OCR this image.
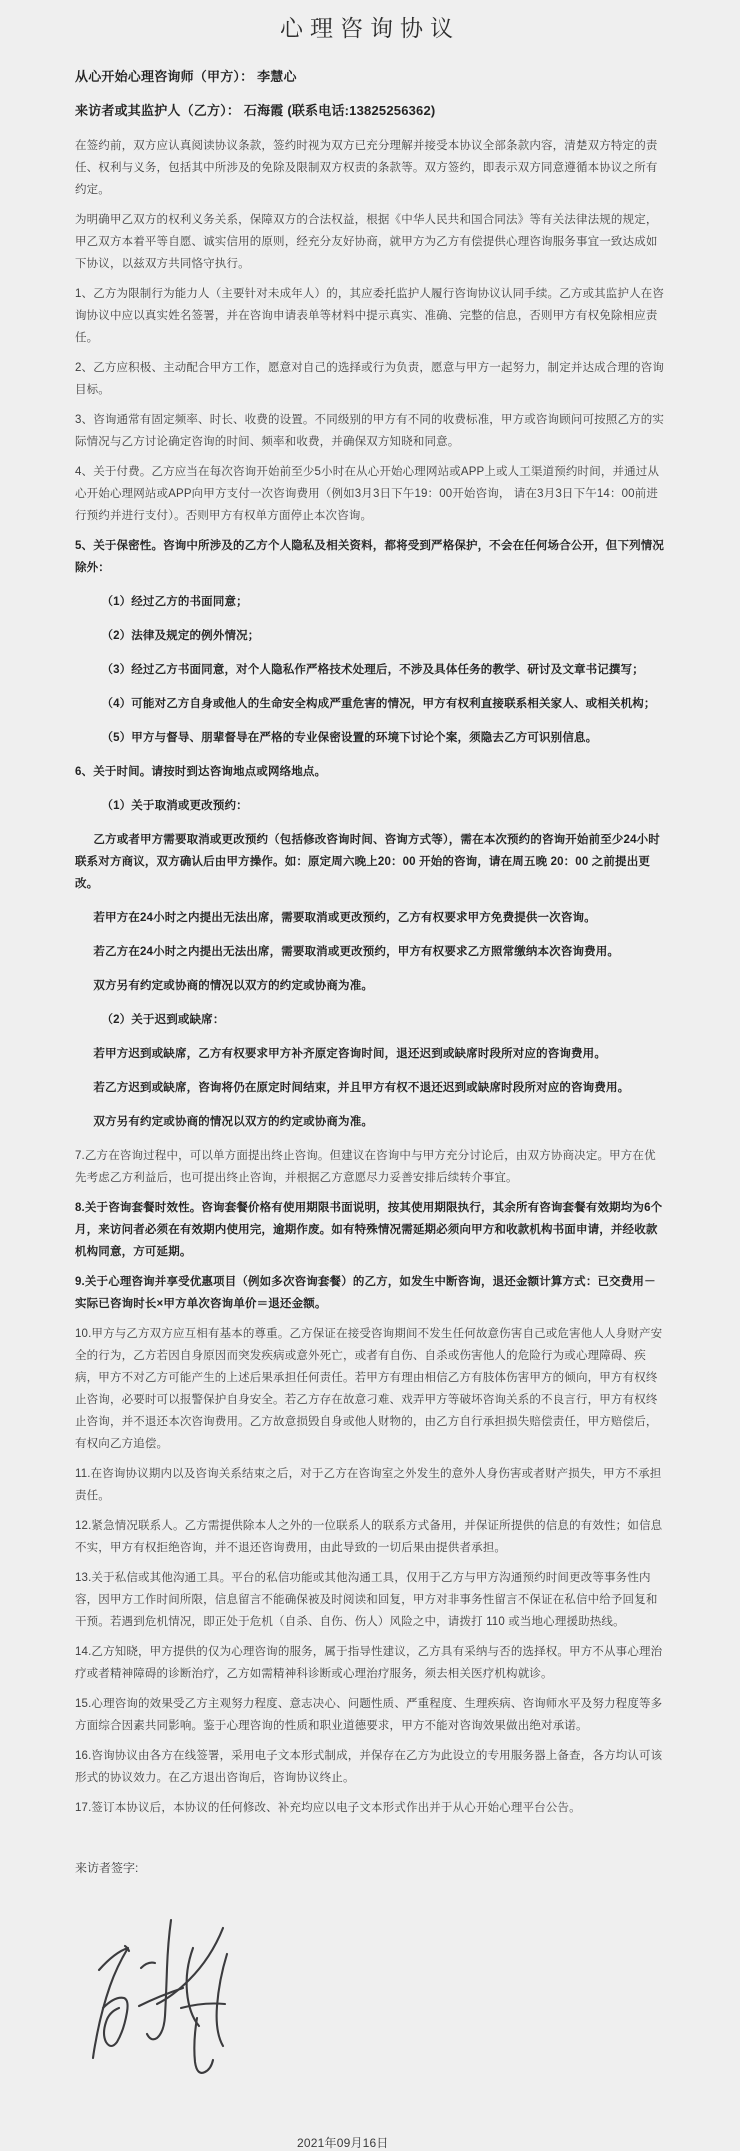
心理咨询协议

从心开始心理咨询师（甲方）： 李慧心

来访者或其监护人（乙方）： 石海霞 (联系电话:13825256362)

在签约前，双方应认真阅读协议条款，签约时视为双方已充分理解并接受本协议全部条款内容，清楚双方特定的责任、权利与义务，包括其中所涉及的免除及限制双方权责的条款等。双方签约，即表示双方同意遵循本协议之所有约定。

为明确甲乙双方的权利义务关系，保障双方的合法权益，根据《中华人民共和国合同法》等有关法律法规的规定，甲乙双方本着平等自愿、诚实信用的原则，经充分友好协商，就甲方为乙方有偿提供心理咨询服务事宜一致达成如下协议，以兹双方共同恪守执行。

1、乙方为限制行为能力人（主要针对未成年人）的，其应委托监护人履行咨询协议认同手续。乙方或其监护人在咨询协议中应以真实姓名签署，并在咨询申请表单等材料中提示真实、准确、完整的信息，否则甲方有权免除相应责任。

2、乙方应积极、主动配合甲方工作，愿意对自己的选择或行为负责，愿意与甲方一起努力，制定并达成合理的咨询目标。

3、咨询通常有固定频率、时长、收费的设置。不同级别的甲方有不同的收费标准，甲方或咨询顾问可按照乙方的实际情况与乙方讨论确定咨询的时间、频率和收费，并确保双方知晓和同意。

4、关于付费。乙方应当在每次咨询开始前至少5小时在从心开始心理网站或APP上或人工渠道预约时间，并通过从心开始心理网站或APP向甲方支付一次咨询费用（例如3月3日下午19：00开始咨询， 请在3月3日下午14：00前进行预约并进行支付）。否则甲方有权单方面停止本次咨询。

5、关于保密性。咨询中所涉及的乙方个人隐私及相关资料，都将受到严格保护，不会在任何场合公开，但下列情况除外：

（1）经过乙方的书面同意；

（2）法律及规定的例外情况；

（3）经过乙方书面同意，对个人隐私作严格技术处理后，不涉及具体任务的教学、研讨及文章书记撰写；

（4）可能对乙方自身或他人的生命安全构成严重危害的情况，甲方有权利直接联系相关家人、或相关机构；

（5）甲方与督导、朋辈督导在严格的专业保密设置的环境下讨论个案，须隐去乙方可识别信息。

6、关于时间。请按时到达咨询地点或网络地点。

（1）关于取消或更改预约：

乙方或者甲方需要取消或更改预约（包括修改咨询时间、咨询方式等），需在本次预约的咨询开始前至少24小时联系对方商议，双方确认后由甲方操作。如：原定周六晚上20：00 开始的咨询，请在周五晚 20：00 之前提出更改。

若甲方在24小时之内提出无法出席，需要取消或更改预约，乙方有权要求甲方免费提供一次咨询。

若乙方在24小时之内提出无法出席，需要取消或更改预约，甲方有权要求乙方照常缴纳本次咨询费用。

双方另有约定或协商的情况以双方的约定或协商为准。

（2）关于迟到或缺席：

若甲方迟到或缺席，乙方有权要求甲方补齐原定咨询时间，退还迟到或缺席时段所对应的咨询费用。

若乙方迟到或缺席，咨询将仍在原定时间结束，并且甲方有权不退还迟到或缺席时段所对应的咨询费用。

双方另有约定或协商的情况以双方的约定或协商为准。

7.乙方在咨询过程中，可以单方面提出终止咨询。但建议在咨询中与甲方充分讨论后，由双方协商决定。甲方在优先考虑乙方利益后，也可提出终止咨询，并根据乙方意愿尽力妥善安排后续转介事宜。

8.关于咨询套餐时效性。咨询套餐价格有使用期限书面说明，按其使用期限执行，其余所有咨询套餐有效期均为6个月，来访问者必须在有效期内使用完，逾期作废。如有特殊情况需延期必须向甲方和收款机构书面申请，并经收款机构同意，方可延期。

9.关于心理咨询并享受优惠项目（例如多次咨询套餐）的乙方，如发生中断咨询，退还金额计算方式：已交费用－实际已咨询时长×甲方单次咨询单价＝退还金额。

10.甲方与乙方双方应互相有基本的尊重。乙方保证在接受咨询期间不发生任何故意伤害自己或危害他人人身财产安全的行为，乙方若因自身原因而突发疾病或意外死亡，或者有自伤、自杀或伤害他人的危险行为或心理障碍、疾病，甲方不对乙方可能产生的上述后果承担任何责任。若甲方有理由相信乙方有肢体伤害甲方的倾向，甲方有权终止咨询，必要时可以报警保护自身安全。若乙方存在故意刁难、戏弄甲方等破坏咨询关系的不良言行，甲方有权终止咨询，并不退还本次咨询费用。乙方故意损毁自身或他人财物的，由乙方自行承担损失赔偿责任，甲方赔偿后，有权向乙方追偿。

11.在咨询协议期内以及咨询关系结束之后，对于乙方在咨询室之外发生的意外人身伤害或者财产损失，甲方不承担责任。

12.紧急情况联系人。乙方需提供除本人之外的一位联系人的联系方式备用，并保证所提供的信息的有效性；如信息不实，甲方有权拒绝咨询，并不退还咨询费用，由此导致的一切后果由提供者承担。

13.关于私信或其他沟通工具。平台的私信功能或其他沟通工具，仅用于乙方与甲方沟通预约时间更改等事务性内容，因甲方工作时间所限，信息留言不能确保被及时阅读和回复，甲方对非事务性留言不保证在私信中给予回复和干预。若遇到危机情况，即正处于危机（自杀、自伤、伤人）风险之中，请拨打 110 或当地心理援助热线。

14.乙方知晓，甲方提供的仅为心理咨询的服务，属于指导性建议，乙方具有采纳与否的选择权。甲方不从事心理治疗或者精神障碍的诊断治疗，乙方如需精神科诊断或心理治疗服务，须去相关医疗机构就诊。

15.心理咨询的效果受乙方主观努力程度、意志决心、问题性质、严重程度、生理疾病、咨询师水平及努力程度等多方面综合因素共同影响。鉴于心理咨询的性质和职业道德要求，甲方不能对咨询效果做出绝对承诺。

16.咨询协议由各方在线签署，采用电子文本形式制成，并保存在乙方为此设立的专用服务器上备查，各方均认可该形式的协议效力。在乙方退出咨询后，咨询协议终止。

17.签订本协议后，本协议的任何修改、补充均应以电子文本形式作出并于从心开始心理平台公告。

来访者签字:

2021年09月16日
